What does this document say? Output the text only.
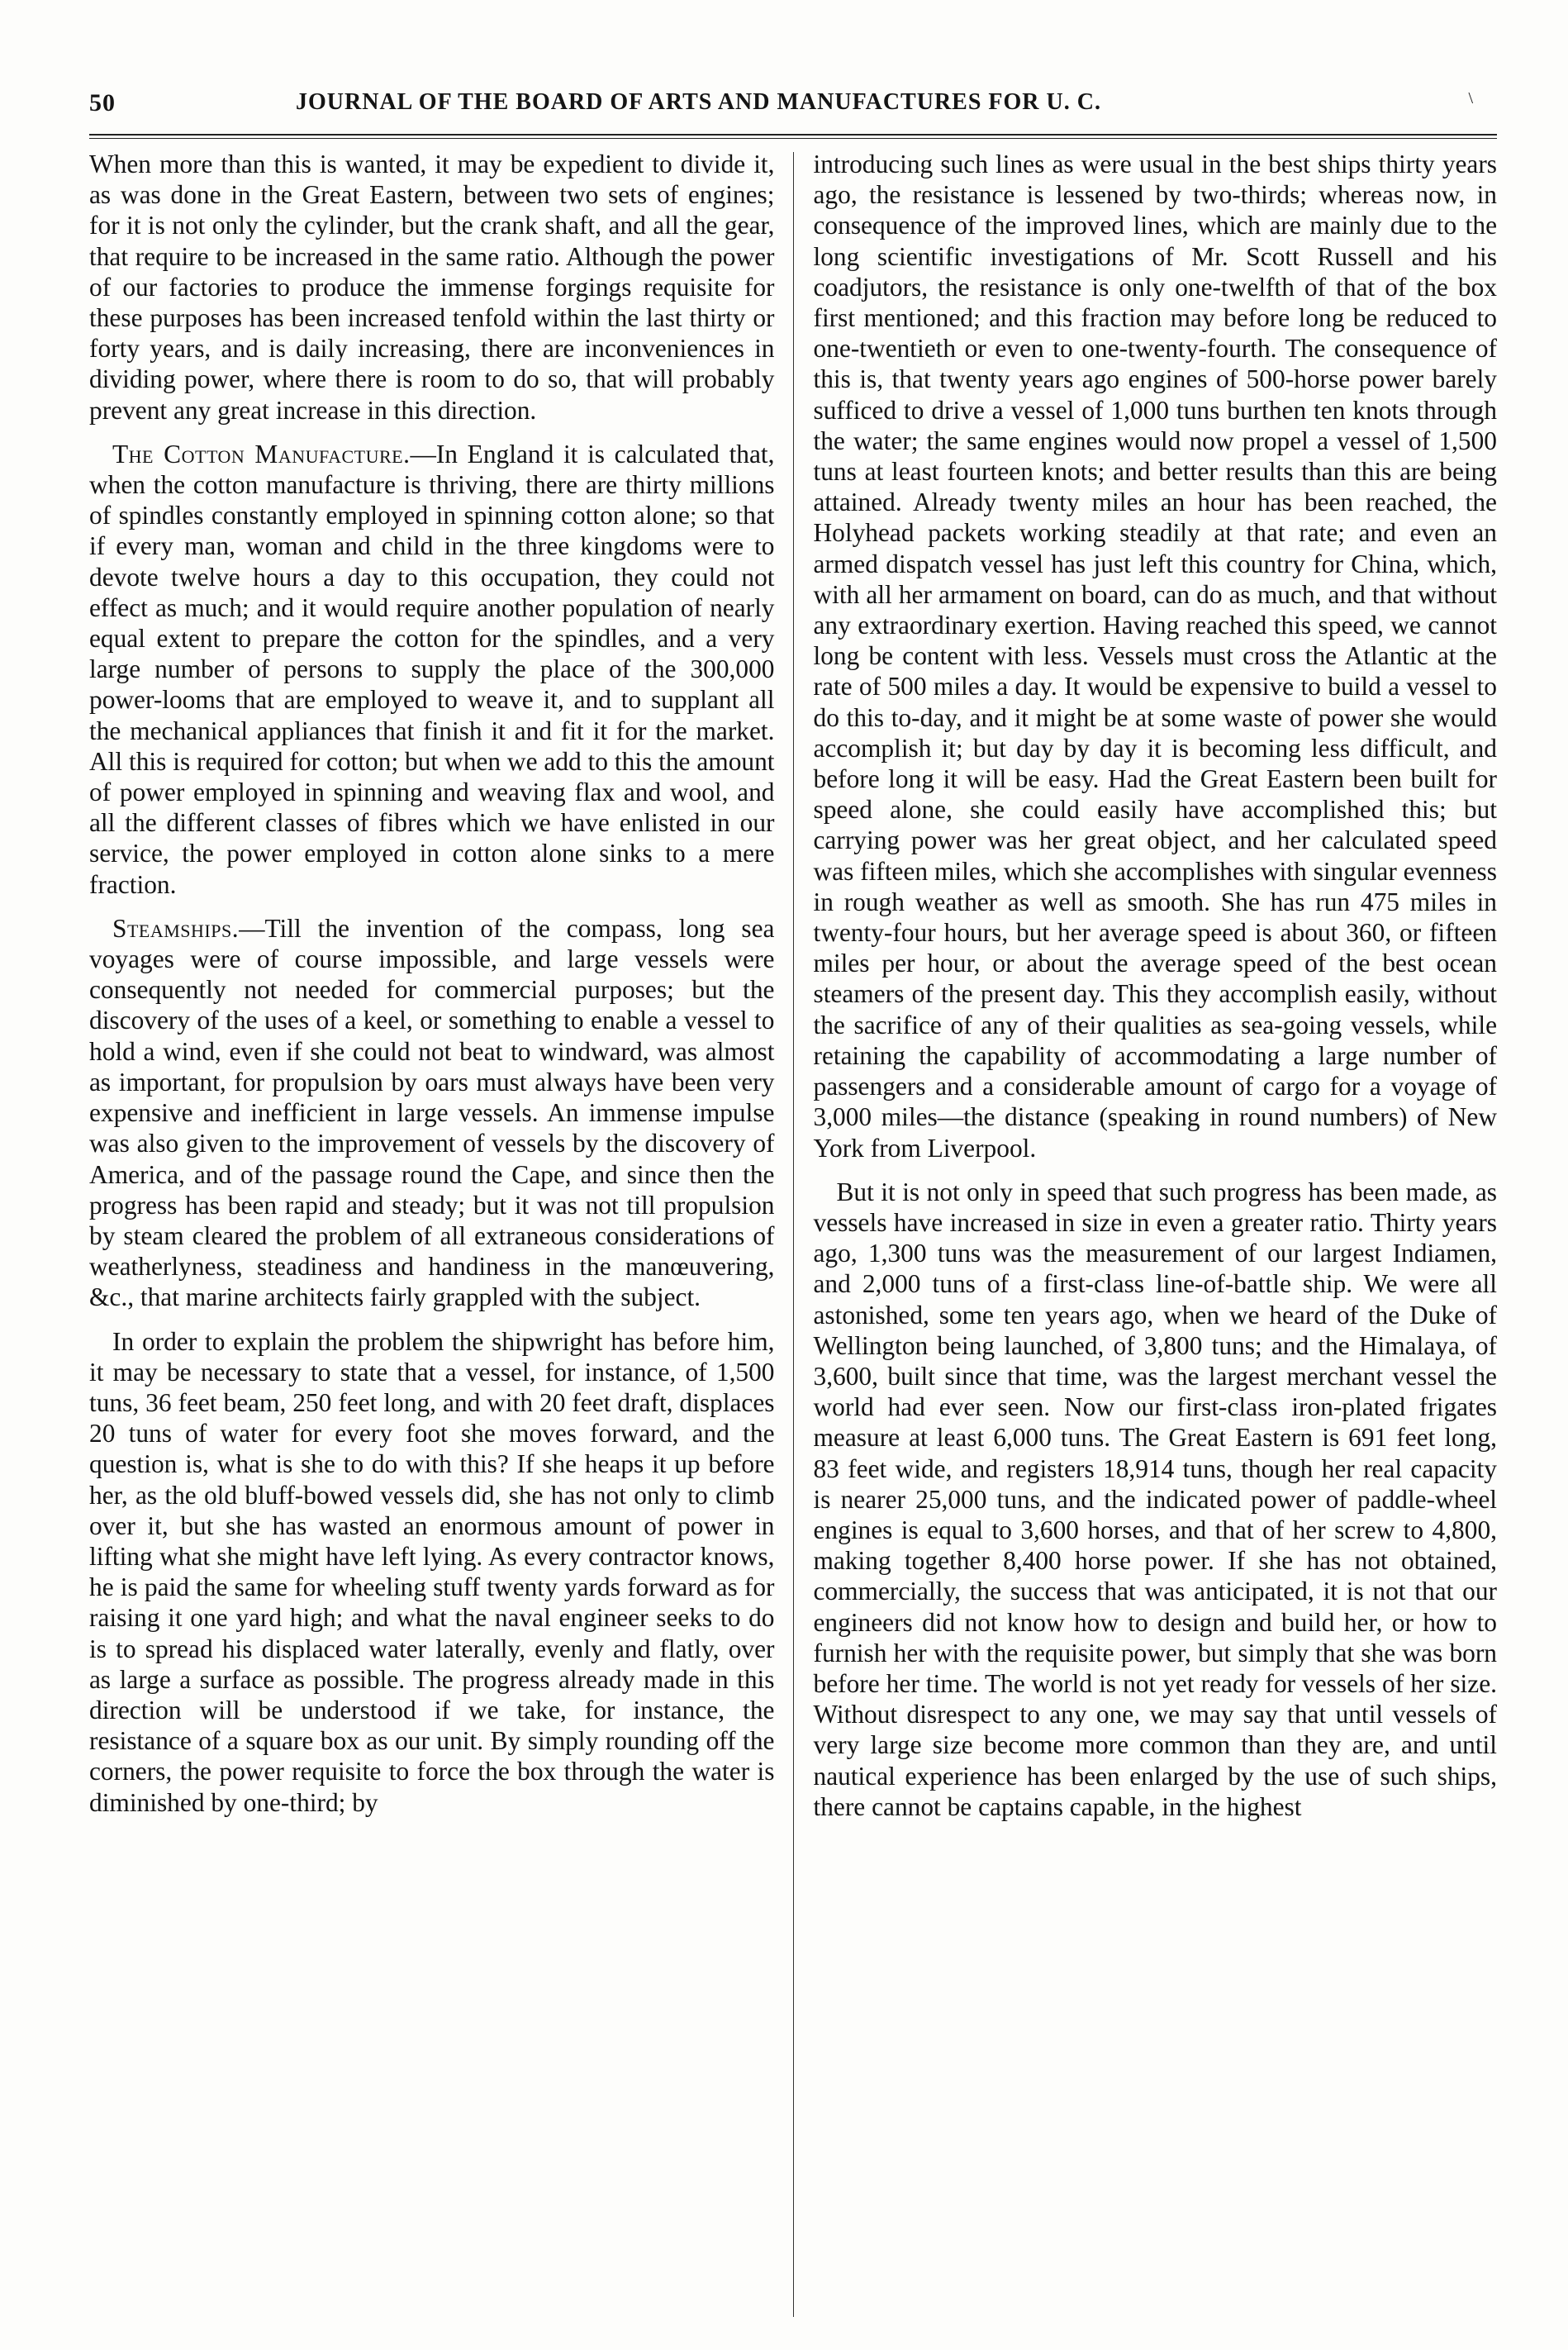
50	JOURNAL OF THE BOARD OF ARTS AND MANUFACTURES FOR U. C.	\

When more than this is wanted, it may be expedient to divide it, as was done in the Great Eastern, between two sets of engines; for it is not only the cylinder, but the crank shaft, and all the gear, that require to be increased in the same ratio. Although the power of our factories to produce the immense forgings requisite for these purposes has been increased tenfold within the last thirty or forty years, and is daily increasing, there are inconveniences in dividing power, where there is room to do so, that will probably prevent any great increase in this direction.

The Cotton Manufacture.—In England it is calculated that, when the cotton manufacture is thriving, there are thirty millions of spindles constantly employed in spinning cotton alone; so that if every man, woman and child in the three kingdoms were to devote twelve hours a day to this occupation, they could not effect as much; and it would require another population of nearly equal extent to prepare the cotton for the spindles, and a very large number of persons to supply the place of the 300,000 power-looms that are employed to weave it, and to supplant all the mechanical appliances that finish it and fit it for the market. All this is required for cotton; but when we add to this the amount of power employed in spinning and weaving flax and wool, and all the different classes of fibres which we have enlisted in our service, the power employed in cotton alone sinks to a mere fraction.

Steamships.—Till the invention of the compass, long sea voyages were of course impossible, and large vessels were consequently not needed for commercial purposes; but the discovery of the uses of a keel, or something to enable a vessel to hold a wind, even if she could not beat to windward, was almost as important, for propulsion by oars must always have been very expensive and inefficient in large vessels. An immense impulse was also given to the improvement of vessels by the discovery of America, and of the passage round the Cape, and since then the progress has been rapid and steady; but it was not till propulsion by steam cleared the problem of all extraneous considerations of weatherlyness, steadiness and handiness in the manœuvering, &c., that marine architects fairly grappled with the subject.

In order to explain the problem the shipwright has before him, it may be necessary to state that a vessel, for instance, of 1,500 tuns, 36 feet beam, 250 feet long, and with 20 feet draft, displaces 20 tuns of water for every foot she moves forward, and the question is, what is she to do with this? If she heaps it up before her, as the old bluff-bowed vessels did, she has not only to climb over it, but she has wasted an enormous amount of power in lifting what she might have left lying. As every contractor knows, he is paid the same for wheeling stuff twenty yards forward as for raising it one yard high; and what the naval engineer seeks to do is to spread his displaced water laterally, evenly and flatly, over as large a surface as possible. The progress already made in this direction will be understood if we take, for instance, the resistance of a square box as our unit. By simply rounding off the corners, the power requisite to force the box through the water is diminished by one-third; by

introducing such lines as were usual in the best ships thirty years ago, the resistance is lessened by two-thirds; whereas now, in consequence of the improved lines, which are mainly due to the long scientific investigations of Mr. Scott Russell and his coadjutors, the resistance is only one-twelfth of that of the box first mentioned; and this fraction may before long be reduced to one-twentieth or even to one-twenty-fourth. The consequence of this is, that twenty years ago engines of 500-horse power barely sufficed to drive a vessel of 1,000 tuns burthen ten knots through the water; the same engines would now propel a vessel of 1,500 tuns at least fourteen knots; and better results than this are being attained. Already twenty miles an hour has been reached, the Holyhead packets working steadily at that rate; and even an armed dispatch vessel has just left this country for China, which, with all her armament on board, can do as much, and that without any extraordinary exertion. Having reached this speed, we cannot long be content with less. Vessels must cross the Atlantic at the rate of 500 miles a day. It would be expensive to build a vessel to do this to-day, and it might be at some waste of power she would accomplish it; but day by day it is becoming less difficult, and before long it will be easy. Had the Great Eastern been built for speed alone, she could easily have accomplished this; but carrying power was her great object, and her calculated speed was fifteen miles, which she accomplishes with singular evenness in rough weather as well as smooth. She has run 475 miles in twenty-four hours, but her average speed is about 360, or fifteen miles per hour, or about the average speed of the best ocean steamers of the present day. This they accomplish easily, without the sacrifice of any of their qualities as sea-going vessels, while retaining the capability of accommodating a large number of passengers and a considerable amount of cargo for a voyage of 3,000 miles—the distance (speaking in round numbers) of New York from Liverpool.

But it is not only in speed that such progress has been made, as vessels have increased in size in even a greater ratio. Thirty years ago, 1,300 tuns was the measurement of our largest Indiamen, and 2,000 tuns of a first-class line-of-battle ship. We were all astonished, some ten years ago, when we heard of the Duke of Wellington being launched, of 3,800 tuns; and the Himalaya, of 3,600, built since that time, was the largest merchant vessel the world had ever seen. Now our first-class iron-plated frigates measure at least 6,000 tuns. The Great Eastern is 691 feet long, 83 feet wide, and registers 18,914 tuns, though her real capacity is nearer 25,000 tuns, and the indicated power of paddle-wheel engines is equal to 3,600 horses, and that of her screw to 4,800, making together 8,400 horse power. If she has not obtained, commercially, the success that was anticipated, it is not that our engineers did not know how to design and build her, or how to furnish her with the requisite power, but simply that she was born before her time. The world is not yet ready for vessels of her size. Without disrespect to any one, we may say that until vessels of very large size become more common than they are, and until nautical experience has been enlarged by the use of such ships, there cannot be captains capable, in the highest
